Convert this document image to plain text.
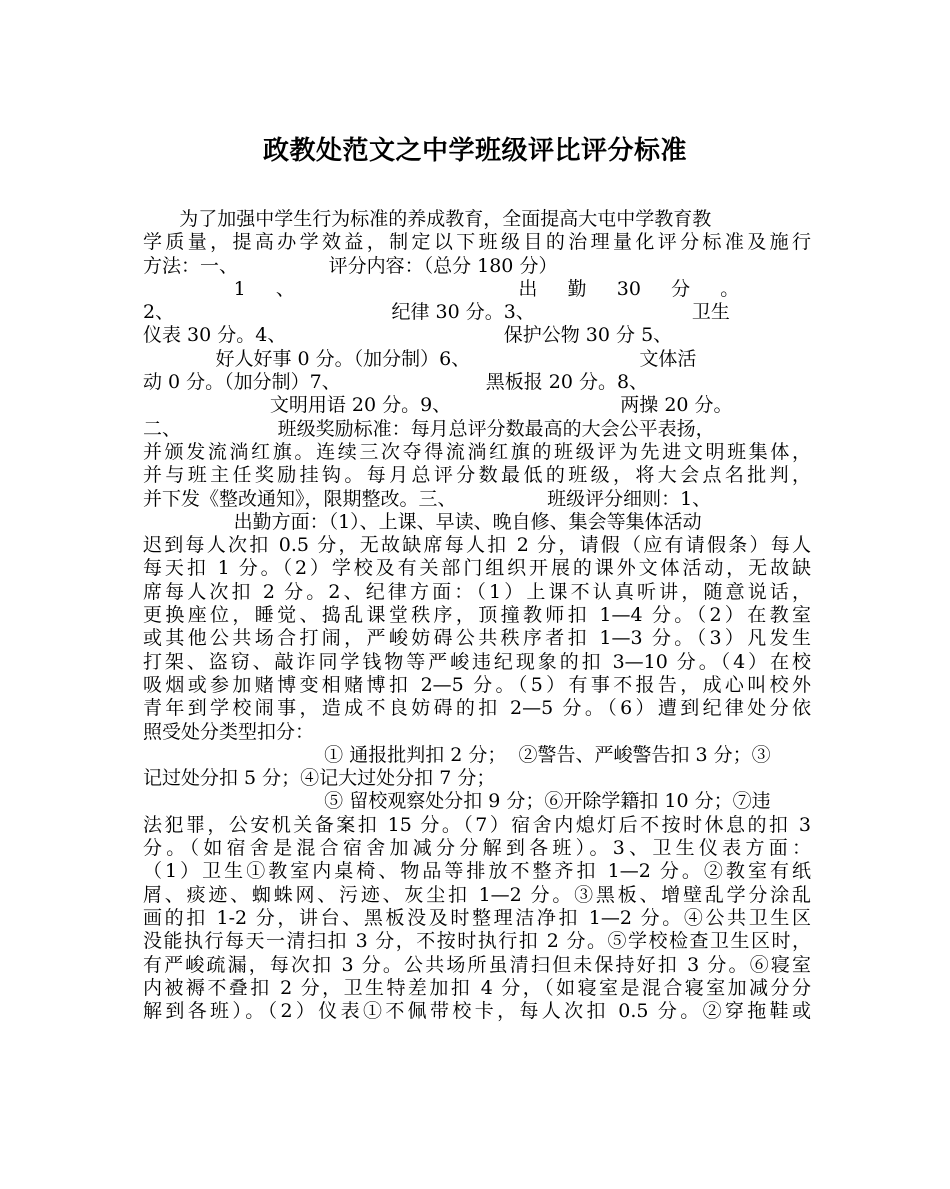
政教处范文之中学班级评比评分标准
为了加强中学生行为标准的养成教育，全面提高大屯中学教育教
学质量，提高办学效益，制定以下班级目的治理量化评分标准及施行
方法：一、               评分内容：（总分 180 分）
1     、                                     出     勤     30     分     。
2、                                    纪律 30 分。3、                          卫生
仪表 30 分。4、                                    保护公物 30 分 5、
好人好事 0 分。（加分制）6、                            文体活
动 0 分。（加分制）7、                        黑板报 20 分。8、
文明用语 20 分。9、                            两操 20 分。
二、                班级奖励标准：每月总评分数最高的大会公平表扬，
并颁发流淌红旗。连续三次夺得流淌红旗的班级评为先进文明班集体，
并与班主任奖励挂钩。每月总评分数最低的班级，将大会点名批判，
并下发《整改通知》，限期整改。三、               班级评分细则：1、
出勤方面：（1）、上课、早读、晚自修、集会等集体活动
迟到每人次扣 0.5 分，无故缺席每人扣 2 分，请假（应有请假条）每人
每天扣 1 分。（2）学校及有关部门组织开展的课外文体活动，无故缺
席每人次扣 2 分。2、纪律方面：（1）上课不认真听讲，随意说话，
更换座位，睡觉、捣乱课堂秩序，顶撞教师扣 1—4 分。（2）在教室
或其他公共场合打闹，严峻妨碍公共秩序者扣 1—3 分。（3）凡发生
打架、盗窃、敲诈同学钱物等严峻违纪现象的扣 3—10 分。（4）在校
吸烟或参加赌博变相赌博扣 2—5 分。（5）有事不报告，成心叫校外
青年到学校闹事，造成不良妨碍的扣 2—5 分。（6）遭到纪律处分依
照受处分类型扣分：
① 通报批判扣 2 分；  ②警告、严峻警告扣 3 分；③
记过处分扣 5 分；④记大过处分扣 7 分；
⑤ 留校观察处分扣 9 分；⑥开除学籍扣 10 分；⑦违
法犯罪，公安机关备案扣 15 分。（7）宿舍内熄灯后不按时休息的扣 3
分。（如宿舍是混合宿舍加减分分解到各班）。3、卫生仪表方面：
（1）卫生①教室内桌椅、物品等排放不整齐扣 1—2 分。②教室有纸
屑、痰迹、蜘蛛网、污迹、灰尘扣 1—2 分。③黑板、增壁乱学分涂乱
画的扣 1-2 分，讲台、黑板没及时整理洁净扣 1—2 分。④公共卫生区
没能执行每天一清扫扣 3 分，不按时执行扣 2 分。⑤学校检查卫生区时，
有严峻疏漏，每次扣 3 分。公共场所虽清扫但未保持好扣 3 分。⑥寝室
内被褥不叠扣 2 分，卫生特差加扣 4 分，（如寝室是混合寝室加减分分
解到各班）。（2）仪表①不佩带校卡，每人次扣 0.5 分。②穿拖鞋或
